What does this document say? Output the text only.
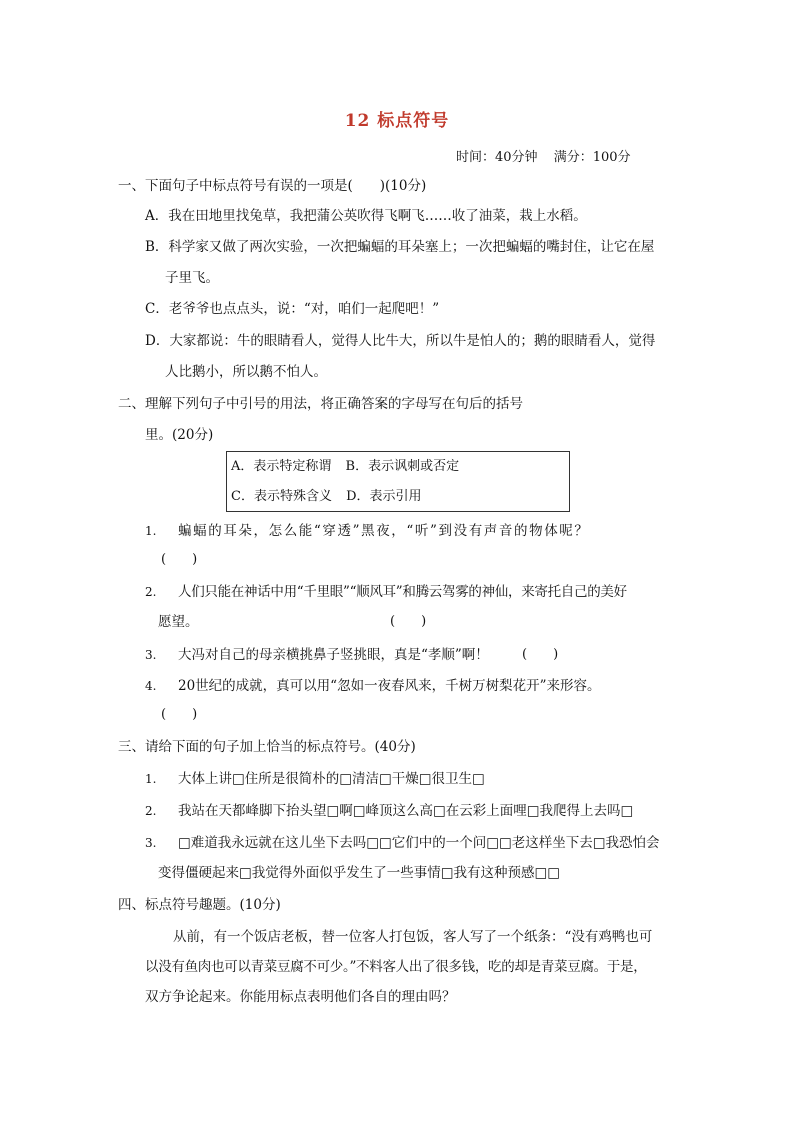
12 标点符号
时间：40分钟 满分：100分
一、下面句子中标点符号有误的一项是(　　)(10分)
A．我在田地里找兔草，我把蒲公英吹得飞啊飞……收了油菜，栽上水稻。
B．科学家又做了两次实验，一次把蝙蝠的耳朵塞上；一次把蝙蝠的嘴封住，让它在屋
子里飞。
C．老爷爷也点点头，说：“对，咱们一起爬吧！”
D．大家都说：牛的眼睛看人，觉得人比牛大，所以牛是怕人的；鹅的眼睛看人，觉得
人比鹅小，所以鹅不怕人。
二、理解下列句子中引号的用法，将正确答案的字母写在句后的括号
里。(20分)
A．表示特定称谓 B．表示讽刺或否定
C．表示特殊含义 D．表示引用
1. 蝙蝠的耳朵，怎么能“穿透”黑夜，“听”到没有声音的物体呢？
(　　)
2. 人们只能在神话中用“千里眼”“顺风耳”和腾云驾雾的神仙，来寄托自己的美好
愿望。	(　　)
3. 大冯对自己的母亲横挑鼻子竖挑眼，真是“孝顺”啊！	(　　)
4. 20世纪的成就，真可以用“忽如一夜春风来，千树万树梨花开”来形容。
(　　)
三、请给下面的句子加上恰当的标点符号。(40分)
1. 大体上讲□住所是很简朴的□清洁□干燥□很卫生□
2. 我站在天都峰脚下抬头望□啊□峰顶这么高□在云彩上面哩□我爬得上去吗□
3. □难道我永远就在这儿坐下去吗□□它们中的一个问□□老这样坐下去□我恐怕会
变得僵硬起来□我觉得外面似乎发生了一些事情□我有这种预感□□
四、标点符号趣题。(10分)
从前，有一个饭店老板，替一位客人打包饭，客人写了一个纸条：“没有鸡鸭也可
以没有鱼肉也可以青菜豆腐不可少。”不料客人出了很多钱，吃的却是青菜豆腐。于是，
双方争论起来。你能用标点表明他们各自的理由吗？
